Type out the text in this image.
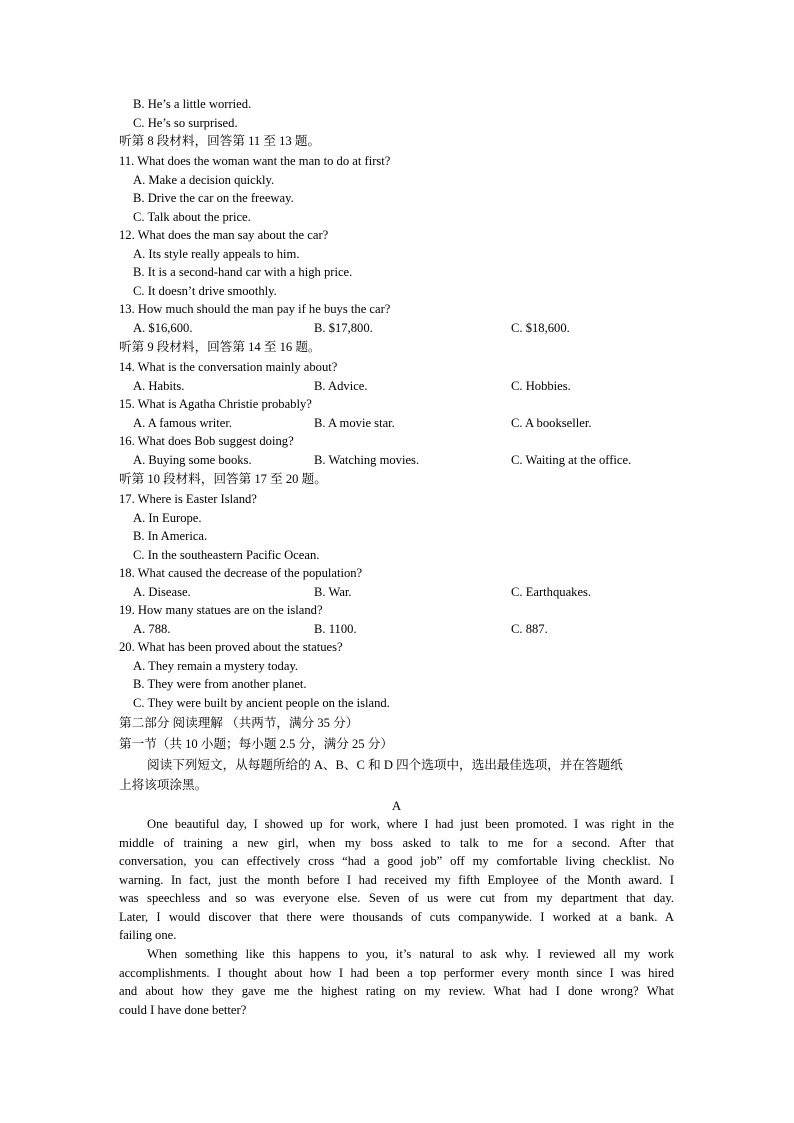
B. He’s a little worried.
C. He’s so surprised.
听第 8 段材料，回答第 11 至 13 题。
11. What does the woman want the man to do at first?
A. Make a decision quickly.
B. Drive the car on the freeway.
C. Talk about the price.
12. What does the man say about the car?
A. Its style really appeals to him.
B. It is a second-hand car with a high price.
C. It doesn’t drive smoothly.
13. How much should the man pay if he buys the car?
A. $16,600.	B. $17,800.	C. $18,600.
听第 9 段材料，回答第 14 至 16 题。
14. What is the conversation mainly about?
A. Habits.	B. Advice.	C. Hobbies.
15. What is Agatha Christie probably?
A. A famous writer.	B. A movie star.	C. A bookseller.
16. What does Bob suggest doing?
A. Buying some books.	B. Watching movies.	C. Waiting at the office.
听第 10 段材料，回答第 17 至 20 题。
17. Where is Easter Island?
A. In Europe.
B. In America.
C. In the southeastern Pacific Ocean.
18. What caused the decrease of the population?
A. Disease.	B. War.	C. Earthquakes.
19. How many statues are on the island?
A. 788.	B. 1100.	C. 887.
20. What has been proved about the statues?
A. They remain a mystery today.
B. They were from another planet.
C. They were built by ancient people on the island.
第二部分 阅读理解 （共两节，满分 35 分）
第一节（共 10 小题；每小题 2.5 分，满分 25 分）
阅读下列短文，从每题所给的 A、B、C 和 D 四个选项中，选出最佳选项，并在答题纸
上将该项涂黑。
A
One beautiful day, I showed up for work, where I had just been promoted. I was right in the
middle of training a new girl, when my boss asked to talk to me for a second. After that
conversation, you can effectively cross “had a good job” off my comfortable living checklist. No
warning. In fact, just the month before I had received my fifth Employee of the Month award. I
was speechless and so was everyone else. Seven of us were cut from my department that day.
Later, I would discover that there were thousands of cuts companywide. I worked at a bank. A
failing one.
When something like this happens to you, it’s natural to ask why. I reviewed all my work
accomplishments. I thought about how I had been a top performer every month since I was hired
and about how they gave me the highest rating on my review. What had I done wrong? What
could I have done better?
